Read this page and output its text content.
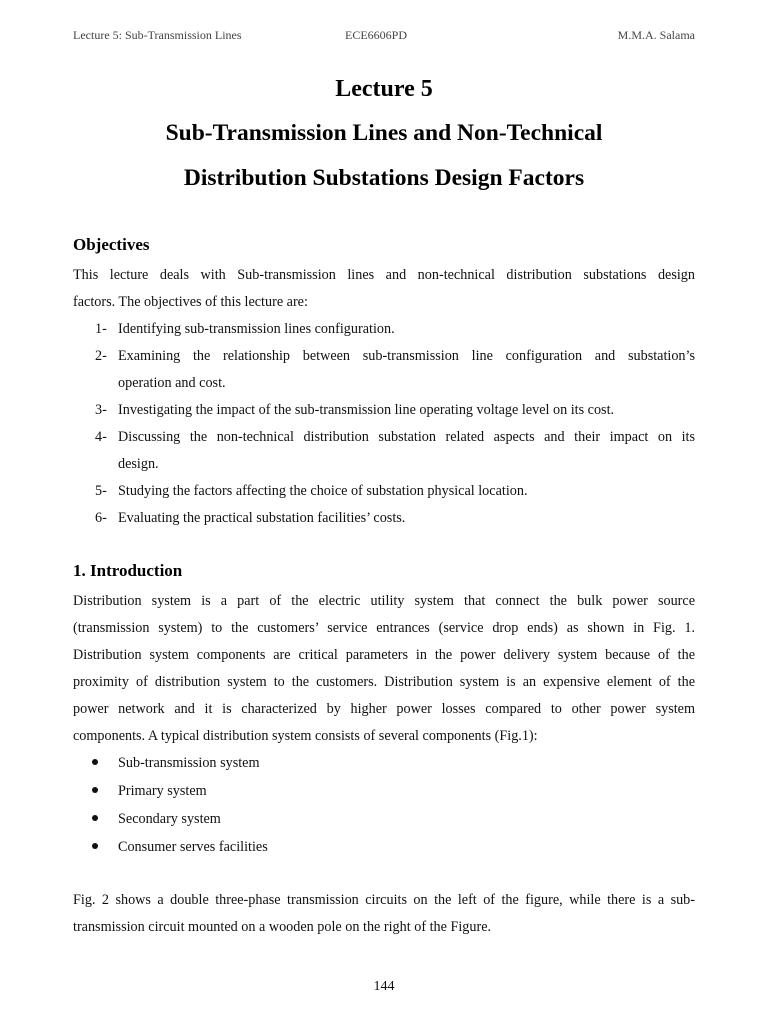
Lecture 5: Sub-Transmission Lines	ECE6606PD	M.M.A. Salama
Lecture 5
Sub-Transmission Lines and Non-Technical
Distribution Substations Design Factors
Objectives
This lecture deals with Sub-transmission lines and non-technical distribution substations design
factors. The objectives of this lecture are:
1- Identifying sub-transmission lines configuration.
2- Examining the relationship between sub-transmission line configuration and substation’s
operation and cost.
3- Investigating the impact of the sub-transmission line operating voltage level on its cost.
4- Discussing the non-technical distribution substation related aspects and their impact on its
design.
5- Studying the factors affecting the choice of substation physical location.
6- Evaluating the practical substation facilities’ costs.
1. Introduction
Distribution system is a part of the electric utility system that connect the bulk power source
(transmission system) to the customers’ service entrances (service drop ends) as shown in Fig. 1.
Distribution system components are critical parameters in the power delivery system because of the
proximity of distribution system to the customers. Distribution system is an expensive element of the
power network and it is characterized by higher power losses compared to other power system
components. A typical distribution system consists of several components (Fig.1):
Sub-transmission system
Primary system
Secondary system
Consumer serves facilities
Fig. 2 shows a double three-phase transmission circuits on the left of the figure, while there is a sub-
transmission circuit mounted on a wooden pole on the right of the Figure.
144
